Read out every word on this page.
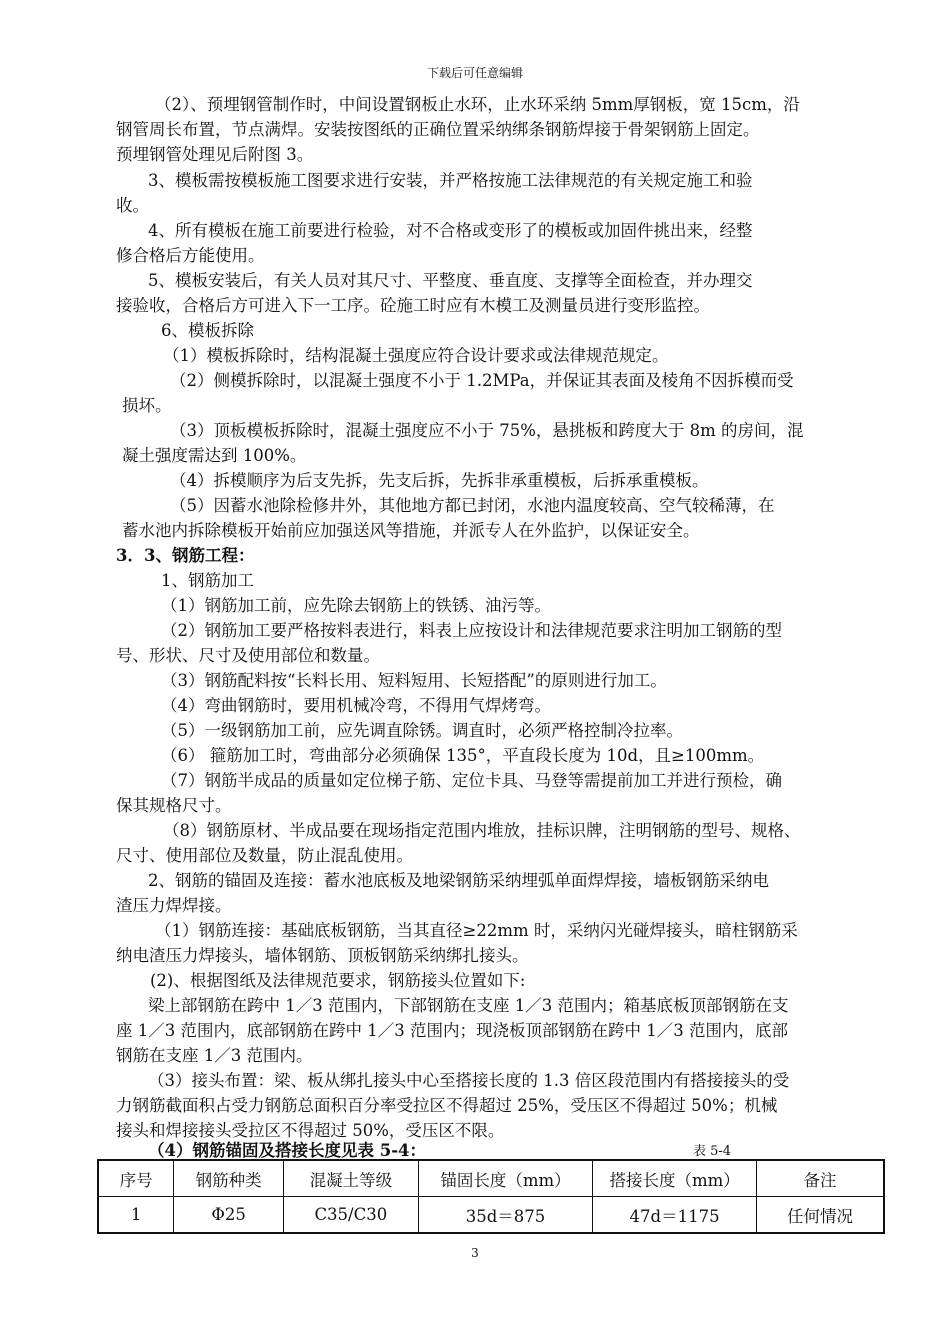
下载后可任意编辑

（2）、预埋钢管制作时，中间设置钢板止水环，止水环采纳 5mm厚钢板，宽 15cm，沿

钢管周长布置，节点满焊。安装按图纸的正确位置采纳绑条钢筋焊接于骨架钢筋上固定。

预埋钢管处理见后附图 3。

3、模板需按模板施工图要求进行安装，并严格按施工法律规范的有关规定施工和验

收。

4、所有模板在施工前要进行检验，对不合格或变形了的模板或加固件挑出来，经整

修合格后方能使用。

5、模板安装后，有关人员对其尺寸、平整度、垂直度、支撑等全面检查，并办理交

接验收，合格后方可进入下一工序。砼施工时应有木模工及测量员进行变形监控。

6、模板拆除

（1）模板拆除时，结构混凝土强度应符合设计要求或法律规范规定。

（2）侧模拆除时，以混凝土强度不小于 1.2MPa，并保证其表面及棱角不因拆模而受

损坏。

（3）顶板模板拆除时，混凝土强度应不小于 75%，悬挑板和跨度大于 8m 的房间，混

凝土强度需达到 100%。

（4）拆模顺序为后支先拆，先支后拆，先拆非承重模板，后拆承重模板。

（5）因蓄水池除检修井外，其他地方都已封闭，水池内温度较高、空气较稀薄，在

蓄水池内拆除模板开始前应加强送风等措施，并派专人在外监护，以保证安全。

3．3、钢筋工程：

1、钢筋加工

（1）钢筋加工前，应先除去钢筋上的铁锈、油污等。

（2）钢筋加工要严格按料表进行，料表上应按设计和法律规范要求注明加工钢筋的型

号、形状、尺寸及使用部位和数量。

（3）钢筋配料按“长料长用、短料短用、长短搭配”的原则进行加工。

（4）弯曲钢筋时，要用机械冷弯，不得用气焊烤弯。

（5）一级钢筋加工前，应先调直除锈。调直时，必须严格控制冷拉率。

（6） 箍筋加工时，弯曲部分必须确保 135°，平直段长度为 10d，且≥100mm。

（7）钢筋半成品的质量如定位梯子筋、定位卡具、马登等需提前加工并进行预检，确

保其规格尺寸。

（8）钢筋原材、半成品要在现场指定范围内堆放，挂标识牌，注明钢筋的型号、规格、

尺寸、使用部位及数量，防止混乱使用。

2、钢筋的锚固及连接：蓄水池底板及地梁钢筋采纳埋弧单面焊焊接，墙板钢筋采纳电

渣压力焊焊接。

（1）钢筋连接：基础底板钢筋，当其直径≥22mm 时，采纳闪光碰焊接头，暗柱钢筋采

纳电渣压力焊接头，墙体钢筋、顶板钢筋采纳绑扎接头。

(2)、根据图纸及法律规范要求，钢筋接头位置如下:

梁上部钢筋在跨中 1／3 范围内，下部钢筋在支座 1／3 范围内；箱基底板顶部钢筋在支

座 1／3 范围内，底部钢筋在跨中 1／3 范围内；现浇板顶部钢筋在跨中 1／3 范围内，底部

钢筋在支座 1／3 范围内。

（3）接头布置：梁、板从绑扎接头中心至搭接长度的 1.3 倍区段范围内有搭接接头的受

力钢筋截面积占受力钢筋总面积百分率受拉区不得超过 25%，受压区不得超过 50%；机械

接头和焊接接头受拉区不得超过 50%，受压区不限。

（4）钢筋锚固及搭接长度见表 5-4：	表 5-4
序号	钢筋种类	混凝土等级	锚固长度（mm）	搭接长度（mm）	备注
1	Φ25	C35/C30	35d＝875	47d＝1175	任何情况
3
